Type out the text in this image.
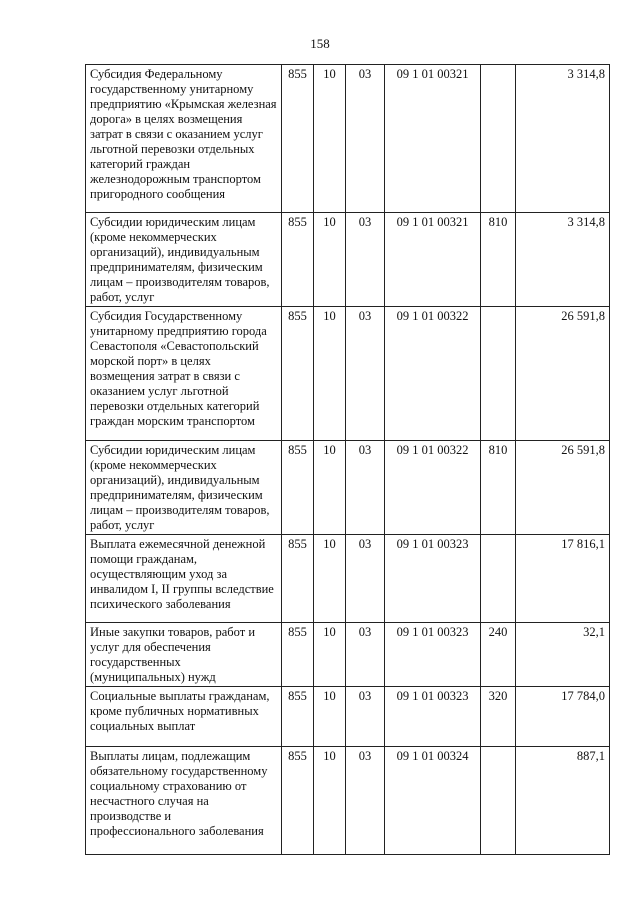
158
Субсидия Федеральному государственному унитарному предприятию «Крымская железная дорога» в целях возмещения затрат в связи с оказанием услуг льготной перевозки отдельных категорий граждан железнодорожным транспортом пригородного сообщения	855	10	03	09 1 01 00321		3 314,8
Субсидии юридическим лицам (кроме некоммерческих организаций), индивидуальным предпринимателям, физическим лицам – производителям товаров, работ, услуг	855	10	03	09 1 01 00321	810	3 314,8
Субсидия Государственному унитарному предприятию города Севастополя «Севастопольский морской порт» в целях возмещения затрат в связи с оказанием услуг льготной перевозки отдельных категорий граждан морским транспортом	855	10	03	09 1 01 00322		26 591,8
Субсидии юридическим лицам (кроме некоммерческих организаций), индивидуальным предпринимателям, физическим лицам – производителям товаров, работ, услуг	855	10	03	09 1 01 00322	810	26 591,8
Выплата ежемесячной денежной помощи гражданам, осуществляющим уход за инвалидом I, II группы вследствие психического заболевания	855	10	03	09 1 01 00323		17 816,1
Иные закупки товаров, работ и услуг для обеспечения государственных (муниципальных) нужд	855	10	03	09 1 01 00323	240	32,1
Социальные выплаты гражданам, кроме публичных нормативных социальных выплат	855	10	03	09 1 01 00323	320	17 784,0
Выплаты лицам, подлежащим обязательному государственному социальному страхованию от несчастного случая на производстве и профессионального заболевания	855	10	03	09 1 01 00324		887,1
